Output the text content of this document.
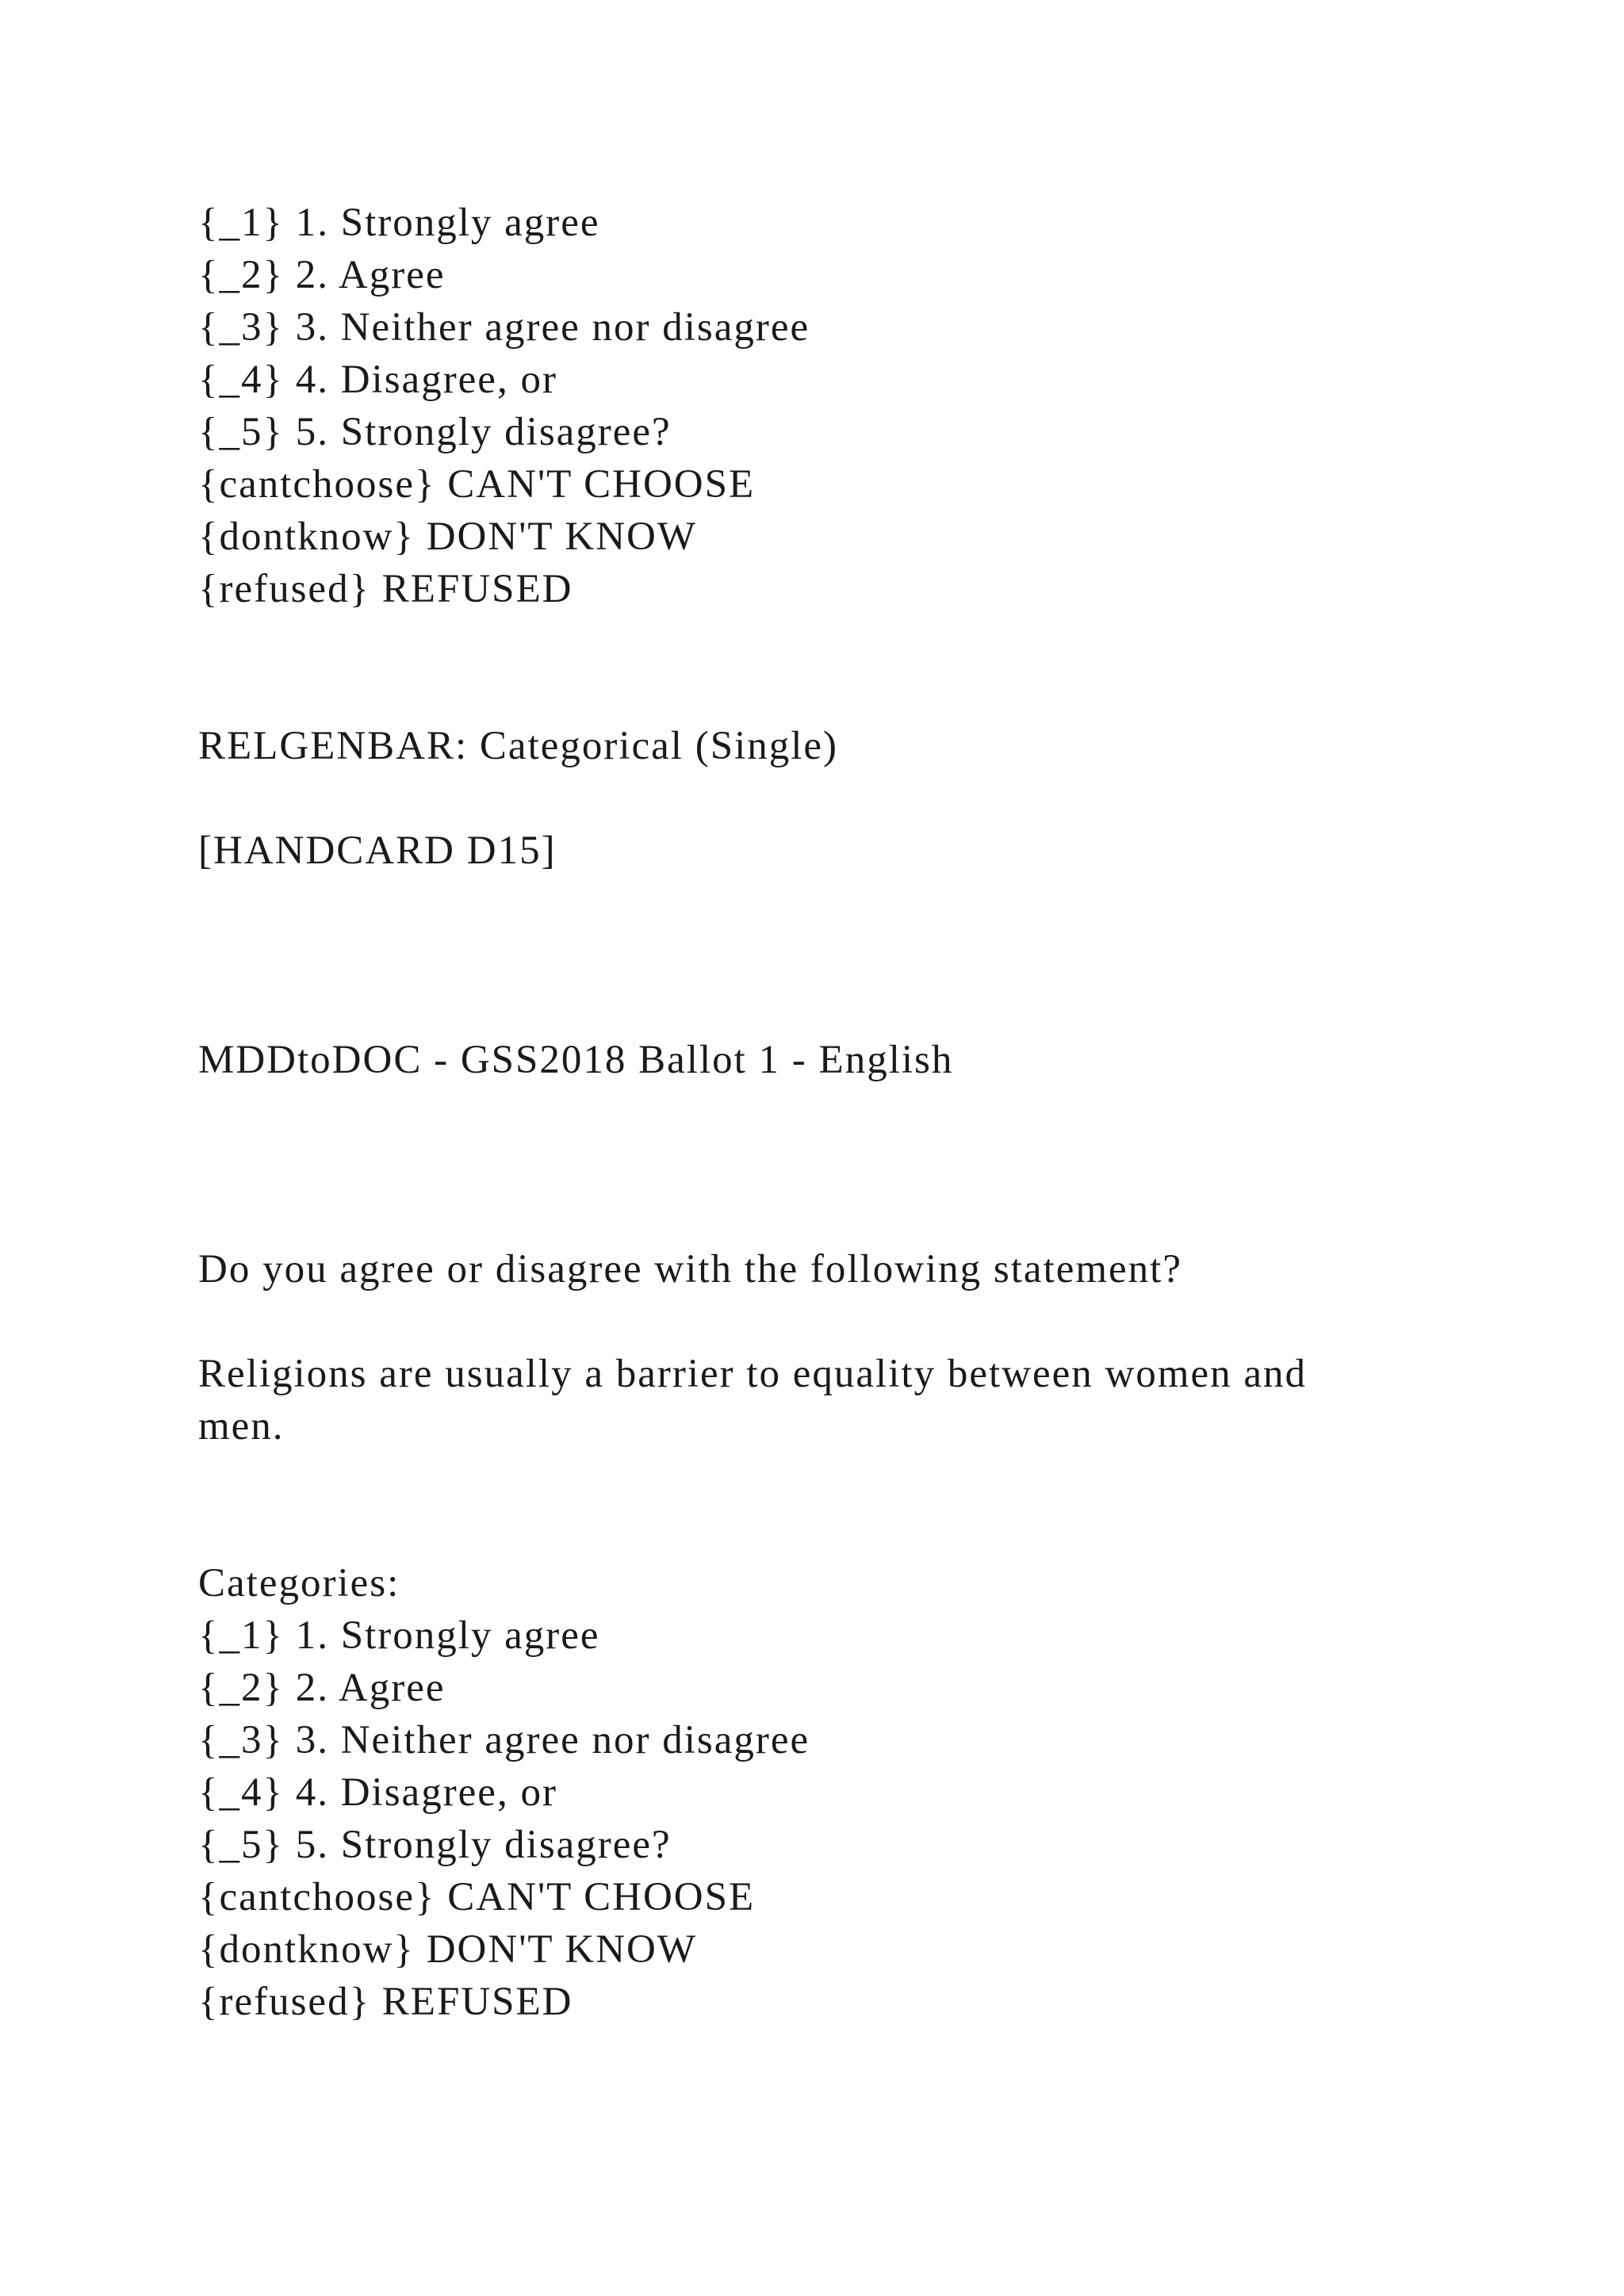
{_1} 1. Strongly agree
{_2} 2. Agree
{_3} 3. Neither agree nor disagree
{_4} 4. Disagree, or
{_5} 5. Strongly disagree?
{cantchoose} CAN'T CHOOSE
{dontknow} DON'T KNOW
{refused} REFUSED
RELGENBAR: Categorical (Single)
[HANDCARD D15]
MDDtoDOC - GSS2018 Ballot 1 - English
Do you agree or disagree with the following statement?
Religions are usually a barrier to equality between women and
men.
Categories:
{_1} 1. Strongly agree
{_2} 2. Agree
{_3} 3. Neither agree nor disagree
{_4} 4. Disagree, or
{_5} 5. Strongly disagree?
{cantchoose} CAN'T CHOOSE
{dontknow} DON'T KNOW
{refused} REFUSED
